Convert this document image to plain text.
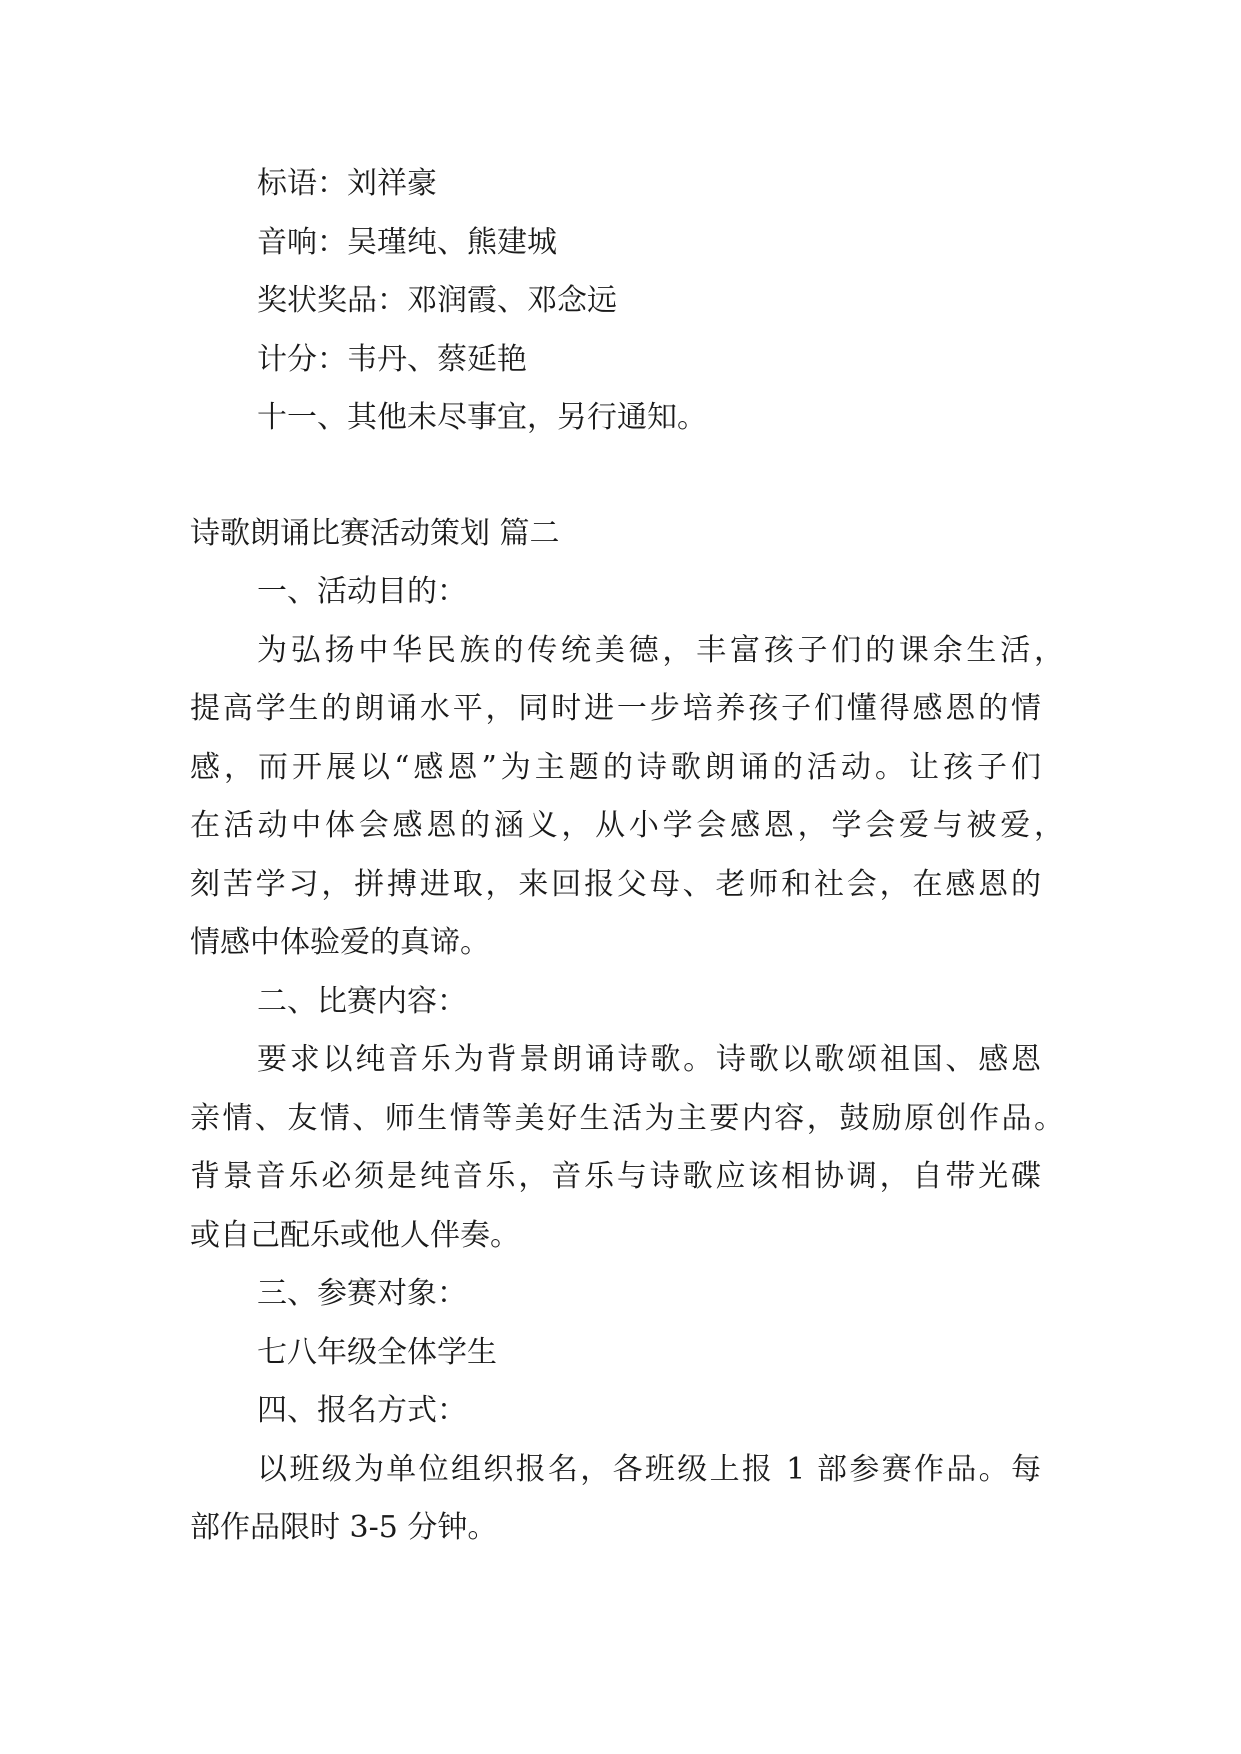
标语：刘祥豪
音响：吴瑾纯、熊建城
奖状奖品：邓润霞、邓念远
计分：韦丹、蔡延艳
十一、其他未尽事宜，另行通知。
诗歌朗诵比赛活动策划 篇二
一、活动目的：
为弘扬中华民族的传统美德，丰富孩子们的课余生活，
提高学生的朗诵水平，同时进一步培养孩子们懂得感恩的情
感，而开展以“感恩”为主题的诗歌朗诵的活动。让孩子们
在活动中体会感恩的涵义，从小学会感恩，学会爱与被爱，
刻苦学习，拼搏进取，来回报父母、老师和社会，在感恩的
情感中体验爱的真谛。
二、比赛内容：
要求以纯音乐为背景朗诵诗歌。诗歌以歌颂祖国、感恩
亲情、友情、师生情等美好生活为主要内容，鼓励原创作品。
背景音乐必须是纯音乐，音乐与诗歌应该相协调，自带光碟
或自己配乐或他人伴奏。
三、参赛对象：
七八年级全体学生
四、报名方式：
以班级为单位组织报名，各班级上报 1 部参赛作品。每
部作品限时 3-5 分钟。
